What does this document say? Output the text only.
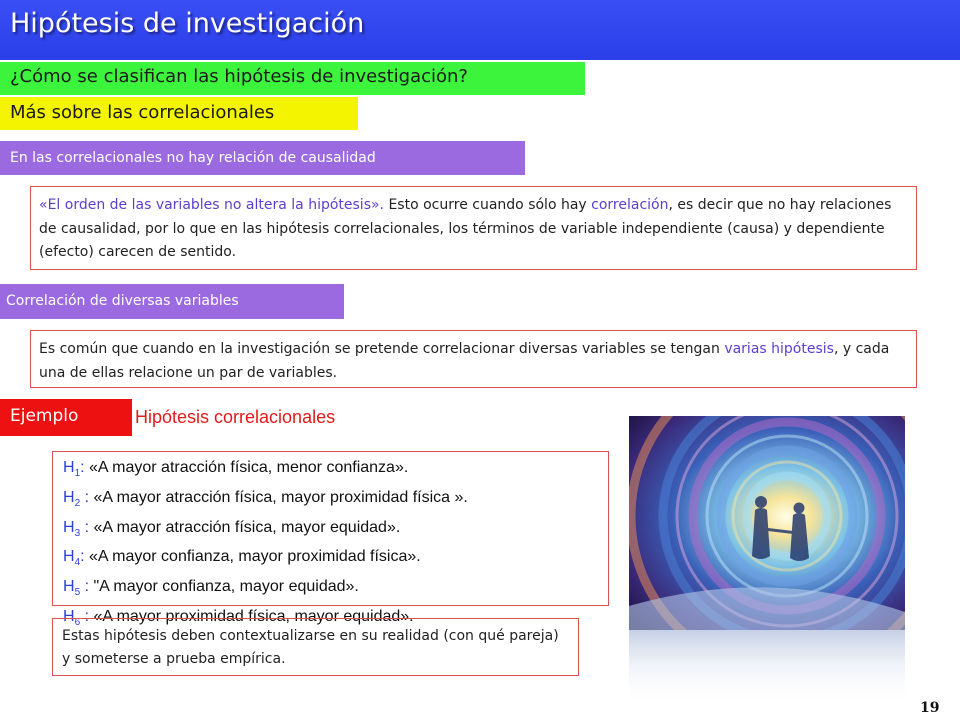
Hipótesis de investigación
¿Cómo se clasifican las hipótesis de investigación?
Más sobre las correlacionales
En las correlacionales no hay relación de causalidad
«El orden de las variables no altera la hipótesis». Esto ocurre cuando sólo hay correlación, es decir que no hay relaciones de causalidad, por lo que en las hipótesis correlacionales, los términos de variable independiente (causa) y dependiente (efecto) carecen de sentido.
Correlación de diversas variables
Es común que cuando en la investigación se pretende correlacionar diversas variables se tengan varias hipótesis, y cada una de ellas relacione un par de variables.
Ejemplo	Hipótesis correlacionales
$H_1$: «A mayor atracción física, menor confianza».
$H_2$ : «A mayor atracción física, mayor proximidad física ».
$H_3$ : «A mayor atracción física, mayor equidad».
$H_4$: «A mayor confianza, mayor proximidad física».
$H_5$ : "A mayor confianza, mayor equidad».
$H_6$ : «A mayor proximidad física, mayor equidad».
Estas hipótesis deben contextualizarse en su realidad (con qué pareja) y someterse a prueba empírica.
19
